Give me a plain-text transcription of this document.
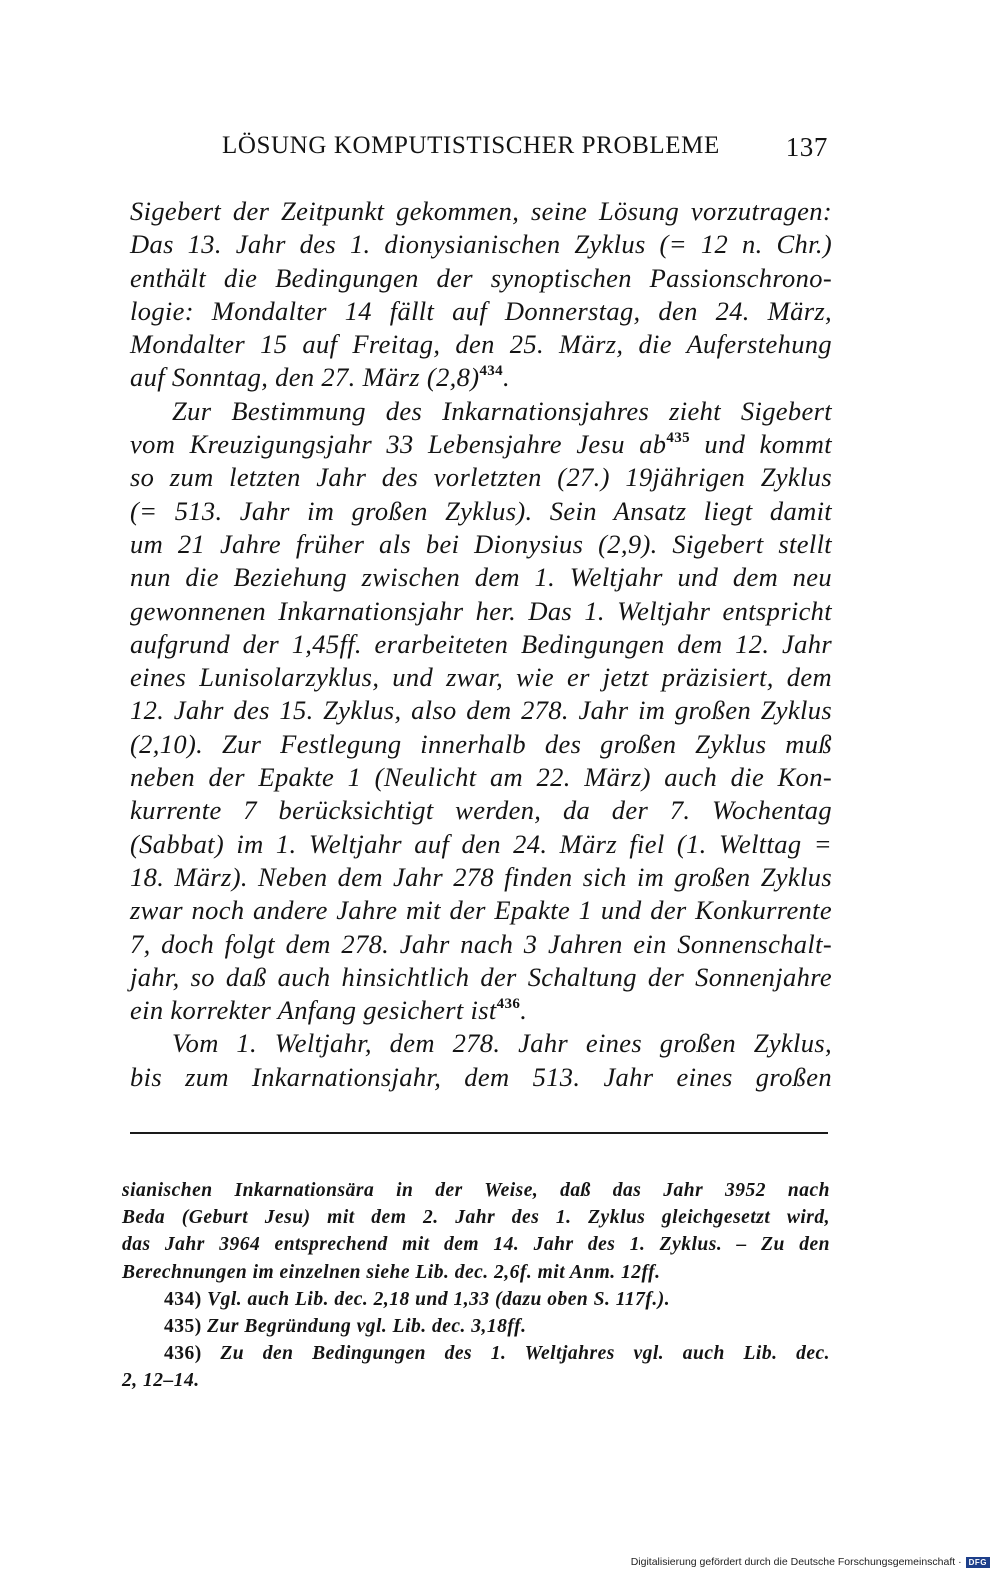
LÖSUNG KOMPUTISTISCHER PROBLEME 137
Sigebert der Zeitpunkt gekommen, seine Lösung vorzutragen:
Das 13. Jahr des 1. dionysianischen Zyklus (= 12 n. Chr.)
enthält die Bedingungen der synoptischen Passionschrono-
logie: Mondalter 14 fällt auf Donnerstag, den 24. März,
Mondalter 15 auf Freitag, den 25. März, die Auferstehung
auf Sonntag, den 27. März $(2,8)^{434}$.
Zur Bestimmung des Inkarnationsjahres zieht Sigebert
vom Kreuzigungsjahr 33 Lebensjahre Jesu $ab^{435}$ und kommt
so zum letzten Jahr des vorletzten (27.) 19jährigen Zyklus
(= 513. Jahr im großen Zyklus). Sein Ansatz liegt damit
um 21 Jahre früher als bei Dionysius (2,9). Sigebert stellt
nun die Beziehung zwischen dem 1. Weltjahr und dem neu
gewonnenen Inkarnationsjahr her. Das 1. Weltjahr entspricht
aufgrund der 1,45ff. erarbeiteten Bedingungen dem 12. Jahr
eines Lunisolarzyklus, und zwar, wie er jetzt präzisiert, dem
12. Jahr des 15. Zyklus, also dem 278. Jahr im großen Zyklus
(2,10). Zur Festlegung innerhalb des großen Zyklus muß
neben der Epakte 1 (Neulicht am 22. März) auch die Kon-
kurrente 7 berücksichtigt werden, da der 7. Wochentag
(Sabbat) im 1. Weltjahr auf den 24. März fiel (1. Welttag =
18. März). Neben dem Jahr 278 finden sich im großen Zyklus
zwar noch andere Jahre mit der Epakte 1 und der Konkurrente
7, doch folgt dem 278. Jahr nach 3 Jahren ein Sonnenschalt-
jahr, so daß auch hinsichtlich der Schaltung der Sonnenjahre
ein korrekter Anfang gesichert ist$^{436}$.
Vom 1. Weltjahr, dem 278. Jahr eines großen Zyklus,
bis zum Inkarnationsjahr, dem 513. Jahr eines großen
sianischen Inkarnationsära in der Weise, daß das Jahr 3952 nach
Beda (Geburt Jesu) mit dem 2. Jahr des 1. Zyklus gleichgesetzt wird,
das Jahr 3964 entsprechend mit dem 14. Jahr des 1. Zyklus. – Zu den
Berechnungen im einzelnen siehe Lib. dec. 2,6f. mit Anm. 12ff.
434) Vgl. auch Lib. dec. 2,18 und 1,33 (dazu oben S. 117f.).
435) Zur Begründung vgl. Lib. dec. 3,18ff.
436) Zu den Bedingungen des 1. Weltjahres vgl. auch Lib. dec.
2, 12–14.
Digitalisierung gefördert durch die Deutsche Forschungsgemeinschaft · DFG
